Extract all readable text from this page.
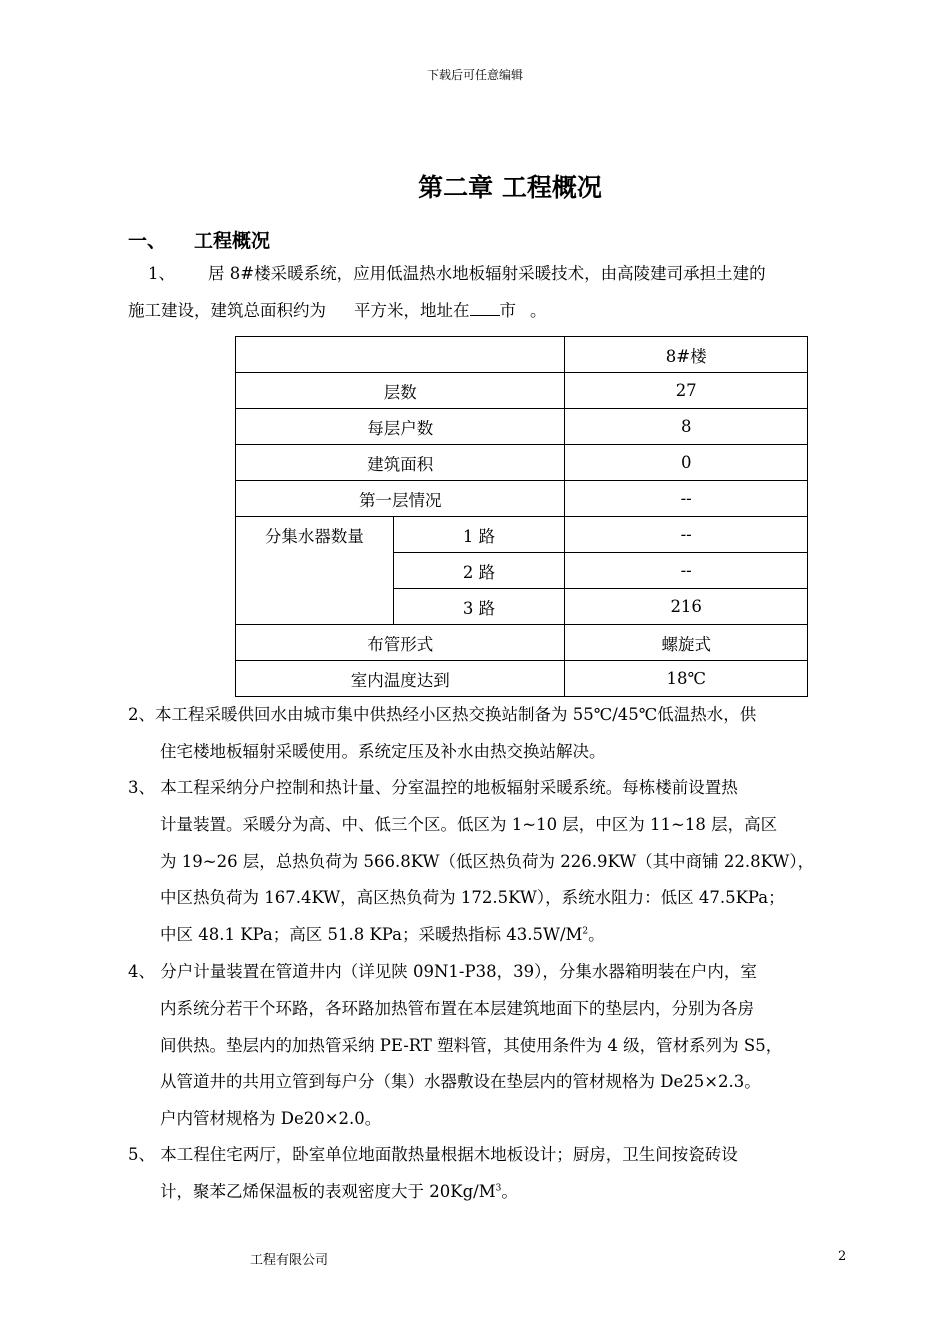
下载后可任意编辑
第二章 工程概况
一、 工程概况
1、 居 8#楼采暖系统，应用低温热水地板辐射采暖技术，由高陵建司承担土建的
施工建设，建筑总面积约为 平方米，地址在 市 。
		8#楼
层数		27
每层户数		8
建筑面积		0
第一层情况		--
分集水器数量	1 路	--
	2 路	--
	3 路	216
布管形式		螺旋式
室内温度达到		18℃
2、本工程采暖供回水由城市集中供热经小区热交换站制备为 55℃/45℃低温热水，供
住宅楼地板辐射采暖使用。系统定压及补水由热交换站解决。
3、 本工程采纳分户控制和热计量、分室温控的地板辐射采暖系统。每栋楼前设置热
计量装置。采暖分为高、中、低三个区。低区为 1~10 层，中区为 11~18 层，高区
为 19~26 层，总热负荷为 566.8KW（低区热负荷为 226.9KW（其中商铺 22.8KW），
中区热负荷为 167.4KW，高区热负荷为 172.5KW），系统水阻力：低区 47.5KPa；
中区 48.1 KPa；高区 51.8 KPa；采暖热指标 $43.5W/M^2$。
4、 分户计量装置在管道井内（详见陕 09N1-P38，39），分集水器箱明装在户内，室
内系统分若干个环路，各环路加热管布置在本层建筑地面下的垫层内，分别为各房
间供热。垫层内的加热管采纳 PE-RT 塑料管，其使用条件为 4 级，管材系列为 S5，
从管道井的共用立管到每户分（集）水器敷设在垫层内的管材规格为 De25×2.3。
户内管材规格为 De20×2.0。
5、 本工程住宅两厅，卧室单位地面散热量根据木地板设计；厨房，卫生间按瓷砖设
计，聚苯乙烯保温板的表观密度大于 $20Kg/M^3$。
工程有限公司	2
